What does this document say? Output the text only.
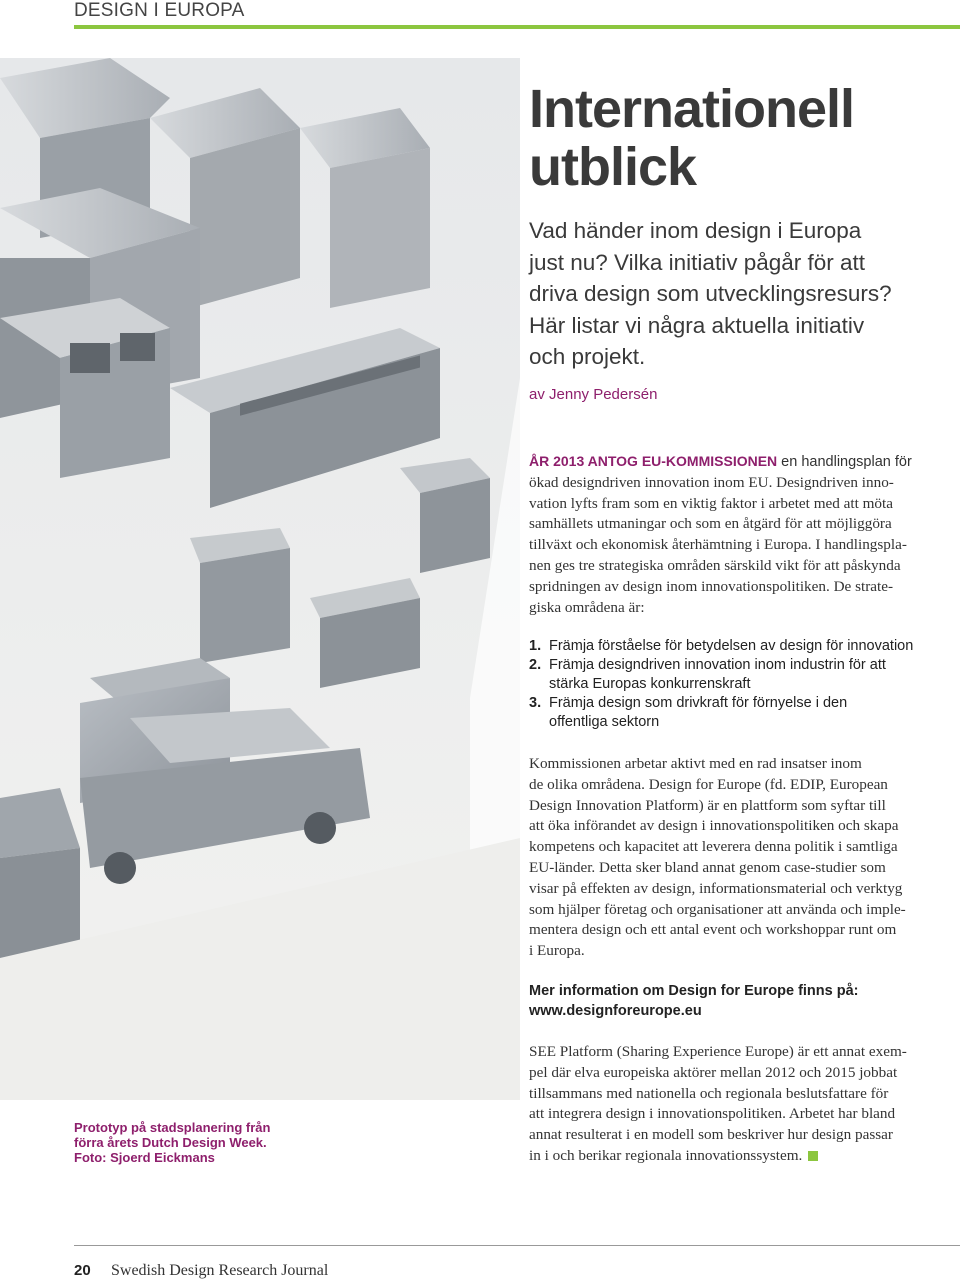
DESIGN I EUROPA
Prototyp på stadsplanering från
förra årets Dutch Design Week.
Foto: Sjoerd Eickmans
Internationell
utblick
Vad händer inom design i Europa
just nu? Vilka initiativ pågår för att
driva design som utvecklingsresurs?
Här listar vi några aktuella initiativ
och projekt.
av Jenny Pedersén
ÅR 2013 ANTOG EU-KOMMISSIONEN en handlingsplan för
ökad designdriven innovation inom EU. Designdriven inno-
vation lyfts fram som en viktig faktor i arbetet med att möta
samhällets utmaningar och som en åtgärd för att möjliggöra
tillväxt och ekonomisk återhämtning i Europa. I handlingspla-
nen ges tre strategiska områden särskild vikt för att påskynda
spridningen av design inom innovationspolitiken. De strate-
giska områdena är:
1. Främja förståelse för betydelsen av design för innovation
2. Främja designdriven innovation inom industrin för att
stärka Europas konkurrenskraft
3. Främja design som drivkraft för förnyelse i den
offentliga sektorn
Kommissionen arbetar aktivt med en rad insatser inom
de olika områdena. Design for Europe (fd. EDIP, European
Design Innovation Platform) är en plattform som syftar till
att öka införandet av design i innovationspolitiken och skapa
kompetens och kapacitet att leverera denna politik i samtliga
EU-länder. Detta sker bland annat genom case-studier som
visar på effekten av design, informationsmaterial och verktyg
som hjälper företag och organisationer att använda och imple-
mentera design och ett antal event och workshoppar runt om
i Europa.
Mer information om Design for Europe finns på:
www.designforeurope.eu
SEE Platform (Sharing Experience Europe) är ett annat exem-
pel där elva europeiska aktörer mellan 2012 och 2015 jobbat
tillsammans med nationella och regionala beslutsfattare för
att integrera design i innovationspolitiken. Arbetet har bland
annat resulterat i en modell som beskriver hur design passar
in i och berikar regionala innovationssystem.
20 Swedish Design Research Journal
